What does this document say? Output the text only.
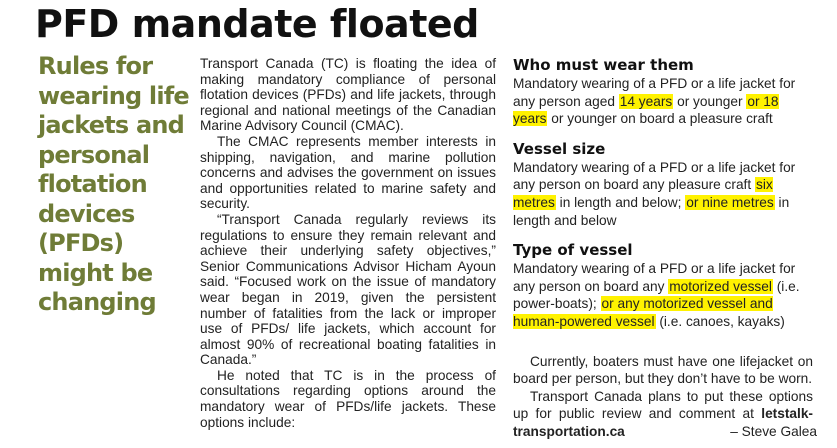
PFD mandate floated
Rules for wearing life jackets and personal flotation devices (PFDs) might be changing

Transport Canada (TC) is floating the idea of making mandatory compliance of personal flotation devices (PFDs) and life jackets, through regional and national meetings of the Canadian Marine Advisory Council (CMAC).

The CMAC represents member interests in shipping, navigation, and marine pollution concerns and advises the government on issues and opportunities related to marine safety and security.

“Transport Canada regularly reviews its regulations to ensure they remain relevant and achieve their underlying safety objectives,” Senior Communications Advisor Hicham Ayoun said. “Focused work on the issue of mandatory wear began in 2019, given the persistent number of fatalities from the lack or improper use of PFDs/ life jackets, which account for almost 90% of recreational boating fatalities in Canada.”

He noted that TC is in the process of consultations regarding options around the mandatory wear of PFDs/life jackets. These options include:

Who must wear them

Mandatory wearing of a PFD or a life jacket for any person aged 14 years or younger or 18 years or younger on board a pleasure craft

Vessel size

Mandatory wearing of a PFD or a life jacket for any person on board any pleasure craft six metres in length and below; or nine metres in length and below

Type of vessel

Mandatory wearing of a PFD or a life jacket for any person on board any motorized vessel (i.e. power-boats); or any motorized vessel and human-powered vessel (i.e. canoes, kayaks)

Currently, boaters must have one lifejacket on board per person, but they don’t have to be worn.

Transport Canada plans to put these options up for public review and comment at letstalk-transportation.ca	– Steve Galea
